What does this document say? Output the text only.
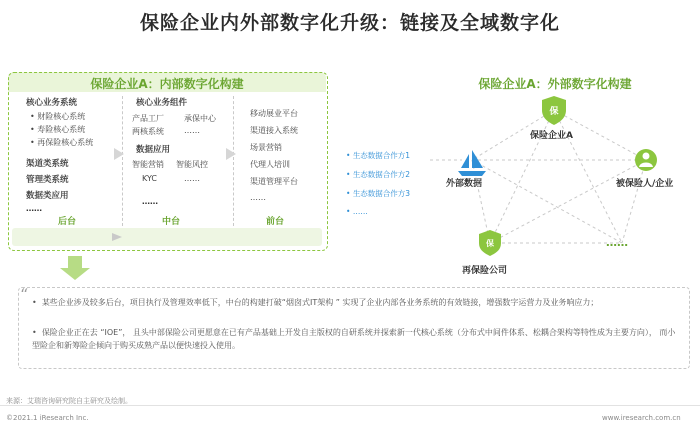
保险企业内外部数字化升级：链接及全域数字化
保险企业A：内部数字化构建
核心业务系统
• 财险核心系统
• 寿险核心系统
• 再保险核心系统
渠道类系统
管理类系统
数据类应用
……
后台
核心业务组件
产品工厂	承保中心
两核系统	……
数据应用
智能营销 智能风控
KYC	……
……
中台
移动展业平台
渠道接入系统
场景营销
代理人培训
渠道管理平台
……
前台
保险企业A：外部数字化构建
• 生态数据合作方1
• 生态数据合作方2
• 生态数据合作方3
• ……
保险企业A
外部数据	被保险人/企业
再保险公司
……
保
保
“ •  某些企业涉及较多后台，项目执行及管理效率低下，中台的构建打破“烟囱式IT架构 ” 实现了企业内部各业务系统的有效链接，增强数字运营力及业务响应力；
•  保险企业正在去 “IOE”， 且头中部保险公司更愿意在已有产品基础上开发自主版权的自研系统并探索新一代核心系统（分布式中间件体系、松耦合架构等特性成为主要方向）， 而小型险企和新筹险企倾向于购买成熟产品以便快速投入使用。
来源：艾瑞咨询研究院自主研究及绘制。
©2021.1 iResearch Inc.	www.iresearch.com.cn
